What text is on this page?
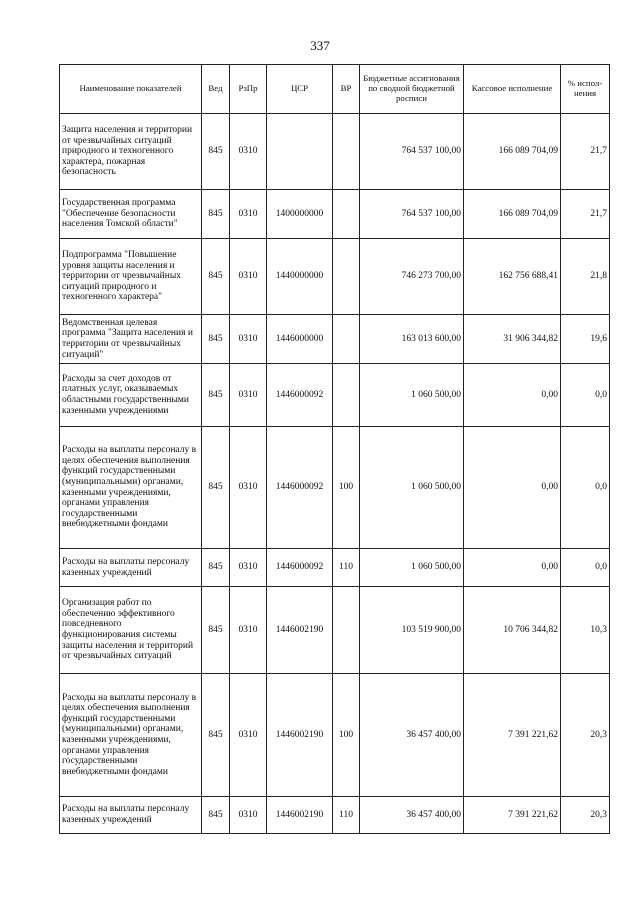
337
Наименование показателей	Вед	РзПр	ЦСР	ВР	Бюджетные ассигнования по сводной бюджетной росписи	Кассовое исполнение	% испол-нения
Защита населения и территории от чрезвычайных ситуаций природного и техногенного характера, пожарная безопасность	845	0310			764 537 100,00	166 089 704,09	21,7
Государственная программа "Обеспечение безопасности населения Томской области"	845	0310	1400000000		764 537 100,00	166 089 704,09	21,7
Подпрограмма "Повышение уровня защиты населения и территории от чрезвычайных ситуаций природного и техногенного характера"	845	0310	1440000000		746 273 700,00	162 756 688,41	21,8
Ведомственная целевая программа "Защита населения и территории от чрезвычайных ситуаций"	845	0310	1446000000		163 013 600,00	31 906 344,82	19,6
Расходы за счет доходов от платных услуг, оказываемых областными государственными казенными учреждениями	845	0310	1446000092		1 060 500,00	0,00	0,0
Расходы на выплаты персоналу в целях обеспечения выполнения функций государственными (муниципальными) органами, казенными учреждениями, органами управления государственными внебюджетными фондами	845	0310	1446000092	100	1 060 500,00	0,00	0,0
Расходы на выплаты персоналу казенных учреждений	845	0310	1446000092	110	1 060 500,00	0,00	0,0
Организация работ по обеспечению эффективного повседневного функционирования системы защиты населения и территорий от чрезвычайных ситуаций	845	0310	1446002190		103 519 900,00	10 706 344,82	10,3
Расходы на выплаты персоналу в целях обеспечения выполнения функций государственными (муниципальными) органами, казенными учреждениями, органами управления государственными внебюджетными фондами	845	0310	1446002190	100	36 457 400,00	7 391 221,62	20,3
Расходы на выплаты персоналу казенных учреждений	845	0310	1446002190	110	36 457 400,00	7 391 221,62	20,3
